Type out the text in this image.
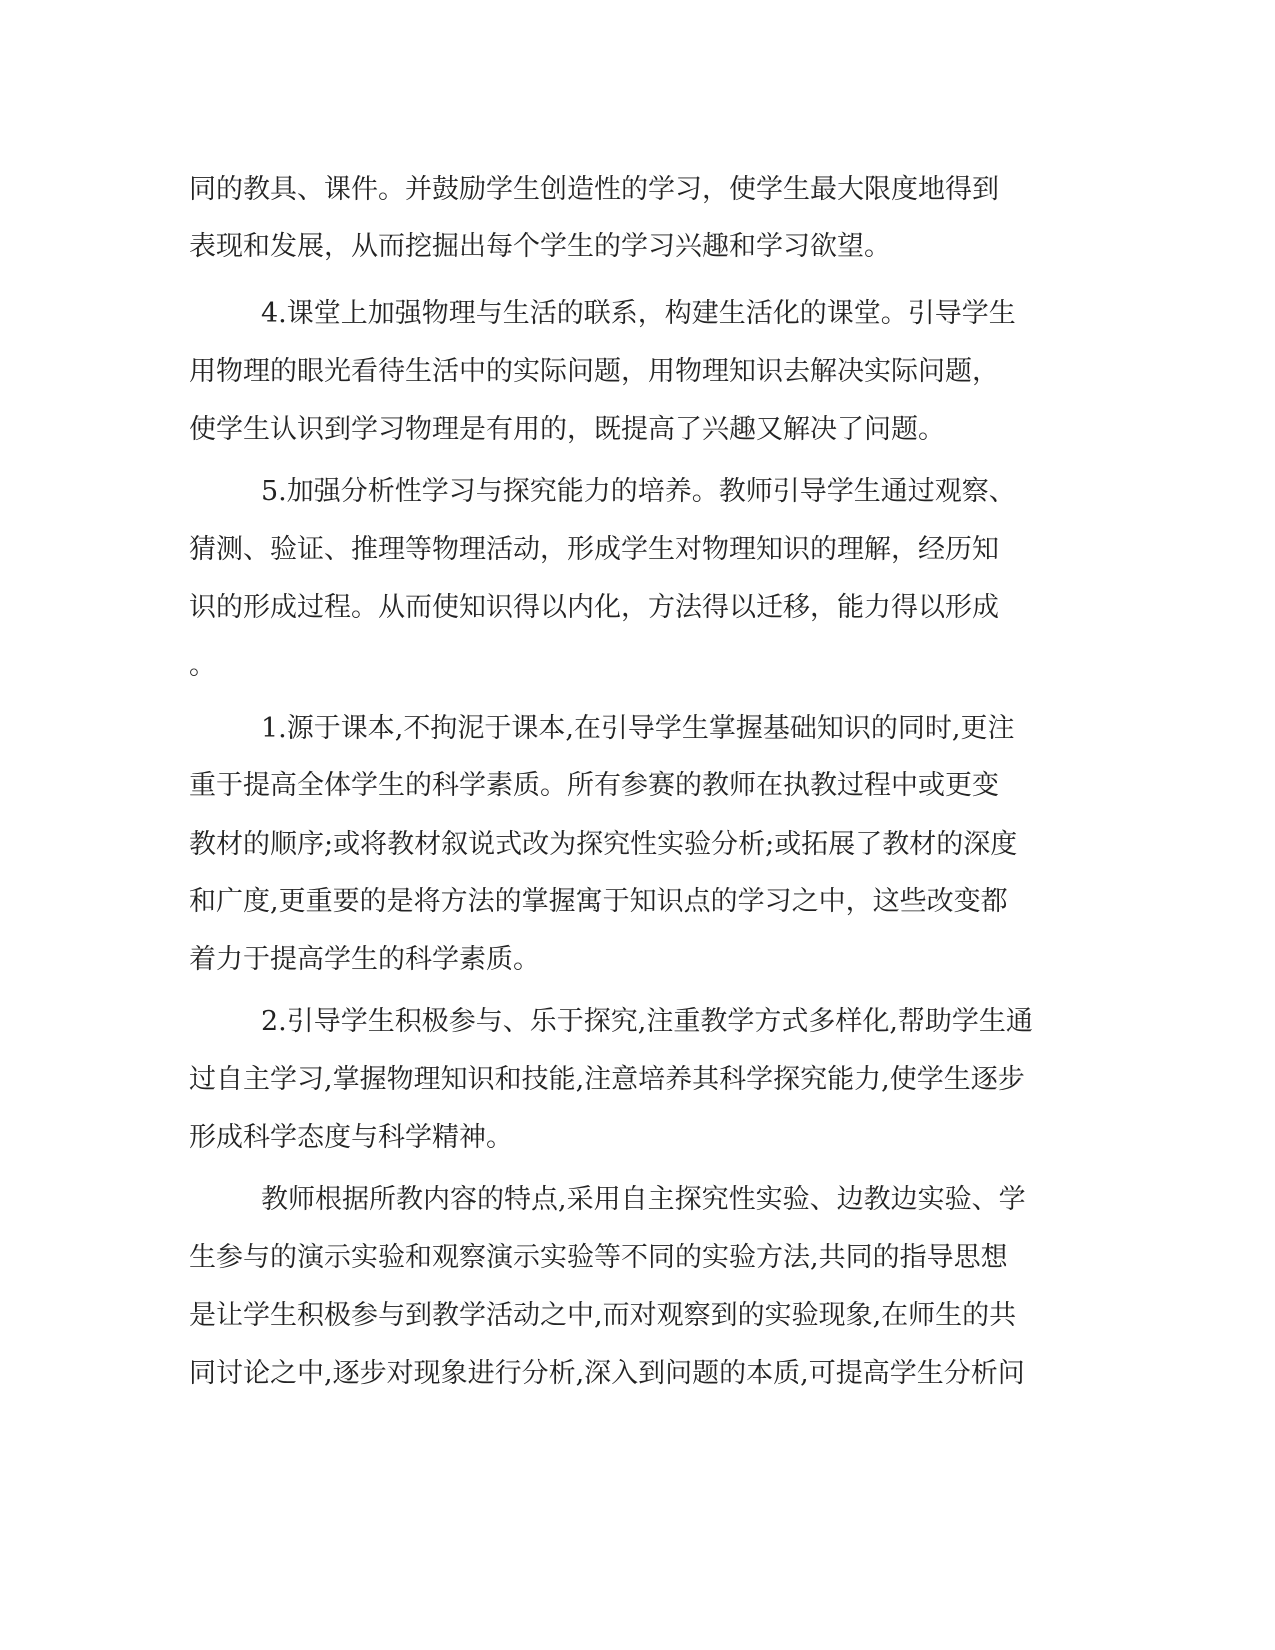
同的教具、课件。并鼓励学生创造性的学习，使学生最大限度地得到
表现和发展，从而挖掘出每个学生的学习兴趣和学习欲望。
4.课堂上加强物理与生活的联系，构建生活化的课堂。引导学生
用物理的眼光看待生活中的实际问题，用物理知识去解决实际问题，
使学生认识到学习物理是有用的，既提高了兴趣又解决了问题。
5.加强分析性学习与探究能力的培养。教师引导学生通过观察、
猜测、验证、推理等物理活动，形成学生对物理知识的理解，经历知
识的形成过程。从而使知识得以内化，方法得以迁移，能力得以形成
。
1.源于课本,不拘泥于课本,在引导学生掌握基础知识的同时,更注
重于提高全体学生的科学素质。所有参赛的教师在执教过程中或更变
教材的顺序;或将教材叙说式改为探究性实验分析;或拓展了教材的深度
和广度,更重要的是将方法的掌握寓于知识点的学习之中，这些改变都
着力于提高学生的科学素质。
2.引导学生积极参与、乐于探究,注重教学方式多样化,帮助学生通
过自主学习,掌握物理知识和技能,注意培养其科学探究能力,使学生逐步
形成科学态度与科学精神。
教师根据所教内容的特点,采用自主探究性实验、边教边实验、学
生参与的演示实验和观察演示实验等不同的实验方法,共同的指导思想
是让学生积极参与到教学活动之中,而对观察到的实验现象,在师生的共
同讨论之中,逐步对现象进行分析,深入到问题的本质,可提高学生分析问
